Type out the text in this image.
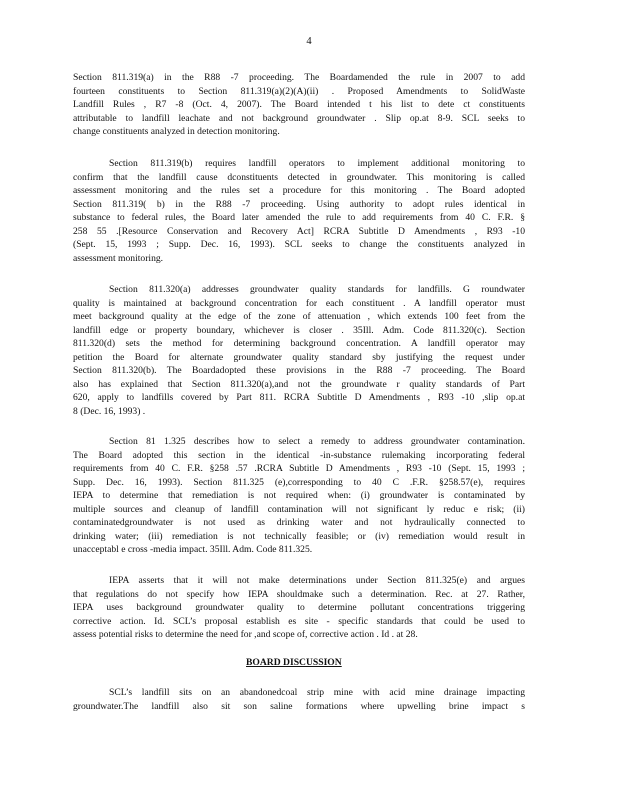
4
Section 811.319(a) in the R88 -7 proceeding. The Boardamended the rule in 2007 to add
fourteen constituents to Section 811.319(a)(2)(A)(ii) . Proposed Amendments to SolidWaste
Landfill Rules , R7 -8 (Oct. 4, 2007). The Board intended t his list to dete ct constituents
attributable to landfill leachate and not background groundwater . Slip op.at 8-9. SCL seeks to
change constituents analyzed in detection monitoring.
Section 811.319(b) requires landfill operators to implement additional monitoring to
confirm that the landfill cause dconstituents detected in groundwater. This monitoring is called
assessment monitoring and the rules set a procedure for this monitoring . The Board adopted
Section 811.319( b) in the R88 -7 proceeding. Using authority to adopt rules identical in
substance to federal rules, the Board later amended the rule to add requirements from 40 C. F.R. §
258 55 .[Resource Conservation and Recovery Act] RCRA Subtitle D Amendments , R93 -10
(Sept. 15, 1993 ; Supp. Dec. 16, 1993). SCL seeks to change the constituents analyzed in
assessment monitoring.
Section 811.320(a) addresses groundwater quality standards for landfills. G roundwater
quality is maintained at background concentration for each constituent . A landfill operator must
meet background quality at the edge of the zone of attenuation , which extends 100 feet from the
landfill edge or property boundary, whichever is closer . 35Ill. Adm. Code 811.320(c). Section
811.320(d) sets the method for determining background concentration. A landfill operator may
petition the Board for alternate groundwater quality standard sby justifying the request under
Section 811.320(b). The Boardadopted these provisions in the R88 -7 proceeding. The Board
also has explained that Section 811.320(a),and not the groundwate r quality standards of Part
620, apply to landfills covered by Part 811. RCRA Subtitle D Amendments , R93 -10 ,slip op.at
8 (Dec. 16, 1993) .
Section 81 1.325 describes how to select a remedy to address groundwater contamination.
The Board adopted this section in the identical -in-substance rulemaking incorporating federal
requirements from 40 C. F.R. §258 .57 .RCRA Subtitle D Amendments , R93 -10 (Sept. 15, 1993 ;
Supp. Dec. 16, 1993). Section 811.325 (e),corresponding to 40 C .F.R. §258.57(e), requires
IEPA to determine that remediation is not required when: (i) groundwater is contaminated by
multiple sources and cleanup of landfill contamination will not significant ly reduc e risk; (ii)
contaminatedgroundwater is not used as drinking water and not hydraulically connected to
drinking water; (iii) remediation is not technically feasible; or (iv) remediation would result in
unacceptabl e cross -media impact. 35Ill. Adm. Code 811.325.
IEPA asserts that it will not make determinations under Section 811.325(e) and argues
that regulations do not specify how IEPA shouldmake such a determination. Rec. at 27. Rather,
IEPA uses background groundwater quality to determine pollutant concentrations triggering
corrective action. Id. SCL’s proposal establish es site - specific standards that could be used to
assess potential risks to determine the need for ,and scope of, corrective action . Id . at 28.
BOARD DISCUSSION
SCL’s landfill sits on an abandonedcoal strip mine with acid mine drainage impacting
groundwater.The landfill also sit son saline formations where upwelling brine impact s
